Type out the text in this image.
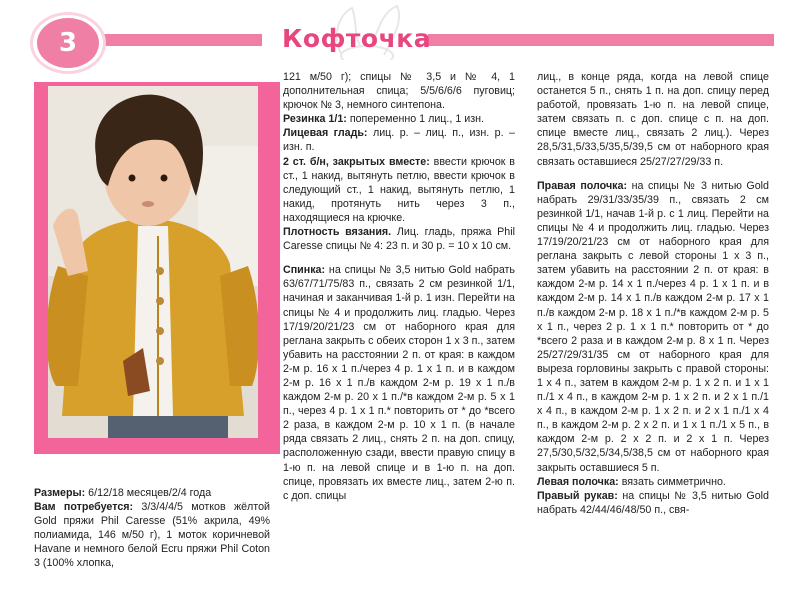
3	Кофточка

Размеры: 6/12/18 месяцев/2/4 года

Вам потребуется: 3/3/4/4/5 мотков жёлтой Gold пряжи Phil Caresse (51% акрила, 49% полиамида, 146 м/50 г), 1 моток коричневой Havane и немного белой Ecru пряжи Phil Coton 3 (100% хлопка,

121 м/50 г); спицы № 3,5 и № 4, 1 дополнительная спица; 5/5/6/6/6 пуговиц; крючок № 3, немного синтепона.

Резинка 1/1: попеременно 1 лиц., 1 изн.

Лицевая гладь: лиц. р. – лиц. п., изн. р. – изн. п.

2 ст. б/н, закрытых вместе: ввести крючок в ст., 1 накид, вытянуть петлю, ввести крючок в следующий ст., 1 накид, вытянуть петлю, 1 накид, протянуть нить через 3 п., находящиеся на крючке.

Плотность вязания. Лиц. гладь, пряжа Phil Caresse спицы № 4: 23 п. и 30 р. = 10 х 10 см.

Спинка: на спицы № 3,5 нитью Gold набрать 63/67/71/75/83 п., связать 2 см резинкой 1/1, начиная и заканчивая 1-й р. 1 изн. Перейти на спицы № 4 и продолжить лиц. гладью. Через 17/19/20/21/23 см от наборного края для реглана закрыть с обеих сторон 1 х 3 п., затем убавить на расстоянии 2 п. от края: в каждом 2-м р. 16 х 1 п./через 4 р. 1 х 1 п. и в каждом 2-м р. 16 х 1 п./в каждом 2-м р. 19 х 1 п./в каждом 2-м р. 20 х 1 п./*в каждом 2-м р. 5 х 1 п., через 4 р. 1 х 1 п.* повторить от * до *всего 2 раза, в каждом 2-м р. 10 х 1 п. (в начале ряда связать 2 лиц., снять 2 п. на доп. спицу, расположенную сзади, ввести правую спицу в 1-ю п. на левой спице и в 1-ю п. на доп. спице, провязать их вместе лиц., затем 2-ю п. с доп. спицы

лиц., в конце ряда, когда на левой спице останется 5 п., снять 1 п. на доп. спицу перед работой, провязать 1-ю п. на левой спице, затем связать п. с доп. спице с п. на доп. спице вместе лиц., связать 2 лиц.). Через 28,5/31,5/33,5/35,5/39,5 см от наборного края связать оставшиеся 25/27/27/29/33 п.

Правая полочка: на спицы № 3 нитью Gold набрать 29/31/33/35/39 п., связать 2 см резинкой 1/1, начав 1-й р. с 1 лиц. Перейти на спицы № 4 и продолжить лиц. гладью. Через 17/19/20/21/23 см от наборного края для реглана закрыть с левой стороны 1 х 3 п., затем убавить на расстоянии 2 п. от края: в каждом 2-м р. 14 х 1 п./через 4 р. 1 х 1 п. и в каждом 2-м р. 14 х 1 п./в каждом 2-м р. 17 х 1 п./в каждом 2-м р. 18 х 1 п./*в каждом 2-м р. 5 х 1 п., через 2 р. 1 х 1 п.* повторить от * до *всего 2 раза и в каждом 2-м р. 8 х 1 п. Через 25/27/29/31/35 см от наборного края для выреза горловины закрыть с правой стороны: 1 х 4 п., затем в каждом 2-м р. 1 х 2 п. и 1 х 1 п./1 х 4 п., в каждом 2-м р. 1 х 2 п. и 2 х 1 п./1 х 4 п., в каждом 2-м р. 1 х 2 п. и 2 х 1 п./1 х 4 п., в каждом 2-м р. 2 х 2 п. и 1 х 1 п./1 х 5 п., в каждом 2-м р. 2 х 2 п. и 2 х 1 п. Через 27,5/30,5/32,5/34,5/38,5 см от наборного края закрыть оставшиеся 5 п.

Левая полочка: вязать симметрично.

Правый рукав: на спицы № 3,5 нитью Gold набрать 42/44/46/48/50 п., свя-
